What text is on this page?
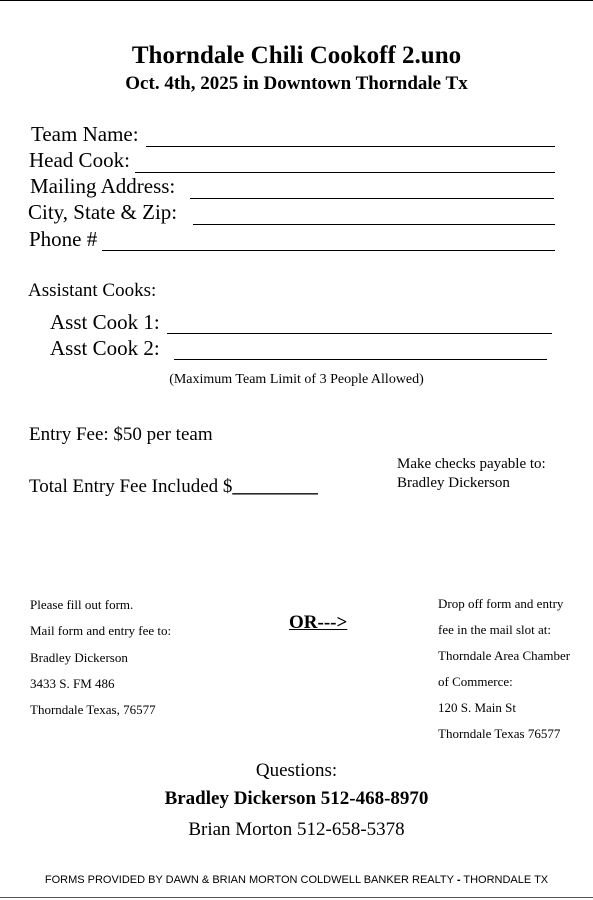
Thorndale Chili Cookoff 2.uno
Oct. 4th, 2025 in Downtown Thorndale Tx
Team Name:
Head Cook:
Mailing Address:
City, State & Zip:
Phone #
Assistant Cooks:
Asst Cook 1:
Asst Cook 2:
(Maximum Team Limit of 3 People Allowed)
Entry Fee: $50 per team
Total Entry Fee Included $_________
Make checks payable to:
Bradley Dickerson
Please fill out form.
Mail form and entry fee to:
Bradley Dickerson
3433 S. FM 486
Thorndale Texas, 76577
OR--->
Drop off form and entry
fee in the mail slot at:
Thorndale Area Chamber
of Commerce:
120 S. Main St
Thorndale Texas 76577
Questions:
Bradley Dickerson 512-468-8970
Brian Morton 512-658-5378
FORMS PROVIDED BY DAWN & BRIAN MORTON COLDWELL BANKER REALTY - THORNDALE TX
